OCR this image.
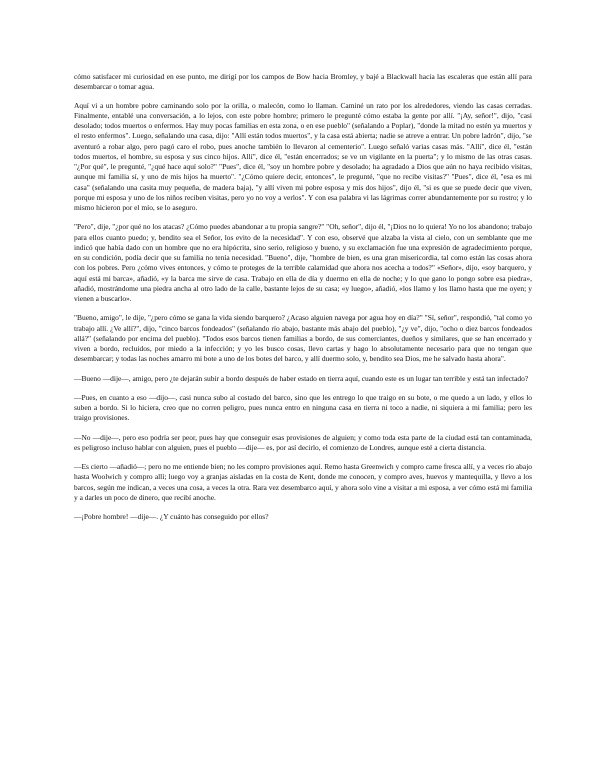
cómo satisfacer mi curiosidad en ese punto, me dirigí por los campos de Bow hacia Bromley, y bajé a Blackwall hacia las escaleras que están allí para desembarcar o tomar agua.

Aquí vi a un hombre pobre caminando solo por la orilla, o malecón, como lo llaman. Caminé un rato por los alrededores, viendo las casas cerradas. Finalmente, entablé una conversación, a lo lejos, con este pobre hombre; primero le pregunté cómo estaba la gente por allí. "¡Ay, señor!", dijo, "casi desolado; todos muertos o enfermos. Hay muy pocas familias en esta zona, o en ese pueblo" (señalando a Poplar), "donde la mitad no estén ya muertos y el resto enfermos". Luego, señalando una casa, dijo: "Allí están todos muertos", y la casa está abierta; nadie se atreve a entrar. Un pobre ladrón", dijo, "se aventuró a robar algo, pero pagó caro el robo, pues anoche también lo llevaron al cementerio". Luego señaló varias casas más. "Allí", dice él, "están todos muertos, el hombre, su esposa y sus cinco hijos. Allí", dice él, "están encerrados; se ve un vigilante en la puerta"; y lo mismo de las otras casas. "¿Por qué", le pregunté, "¿qué hace aquí solo?" "Pues", dice él, "soy un hombre pobre y desolado; ha agradado a Dios que aún no haya recibido visitas, aunque mi familia sí, y uno de mis hijos ha muerto". "¿Cómo quiere decir, entonces", le pregunté, "que no recibe visitas?" "Pues", dice él, "esa es mi casa" (señalando una casita muy pequeña, de madera baja), "y allí viven mi pobre esposa y mis dos hijos", dijo él, "si es que se puede decir que viven, porque mi esposa y uno de los niños reciben visitas, pero yo no voy a verlos". Y con esa palabra vi las lágrimas correr abundantemente por su rostro; y lo mismo hicieron por el mío, se lo aseguro.

"Pero", dije, "¿por qué no los atacas? ¿Cómo puedes abandonar a tu propia sangre?" "Oh, señor", dijo él, "¡Dios no lo quiera! Yo no los abandono; trabajo para ellos cuanto puedo; y, bendito sea el Señor, los evito de la necesidad". Y con eso, observé que alzaba la vista al cielo, con un semblante que me indicó que había dado con un hombre que no era hipócrita, sino serio, religioso y bueno, y su exclamación fue una expresión de agradecimiento porque, en su condición, podía decir que su familia no tenía necesidad. "Bueno", dije, "hombre de bien, es una gran misericordia, tal como están las cosas ahora con los pobres. Pero ¿cómo vives entonces, y cómo te proteges de la terrible calamidad que ahora nos acecha a todos?" «Señor», dijo, «soy barquero, y aquí está mi barca», añadió, «y la barca me sirve de casa. Trabajo en ella de día y duermo en ella de noche; y lo que gano lo pongo sobre esa piedra», añadió, mostrándome una piedra ancha al otro lado de la calle, bastante lejos de su casa; «y luego», añadió, «los llamo y los llamo hasta que me oyen; y vienen a buscarlo».

"Bueno, amigo", le dije, "¿pero cómo se gana la vida siendo barquero? ¿Acaso alguien navega por agua hoy en día?" "Sí, señor", respondió, "tal como yo trabajo allí. ¿Ve allí?", dijo, "cinco barcos fondeados" (señalando río abajo, bastante más abajo del pueblo), "¿y ve", dijo, "ocho o diez barcos fondeados allá?" (señalando por encima del pueblo). "Todos esos barcos tienen familias a bordo, de sus comerciantes, dueños y similares, que se han encerrado y viven a bordo, recluidos, por miedo a la infección; y yo les busco cosas, llevo cartas y hago lo absolutamente necesario para que no tengan que desembarcar; y todas las noches amarro mi bote a uno de los botes del barco, y allí duermo solo, y, bendito sea Dios, me he salvado hasta ahora".

—Bueno —dije—, amigo, pero ¿te dejarán subir a bordo después de haber estado en tierra aquí, cuando este es un lugar tan terrible y está tan infectado?

—Pues, en cuanto a eso —dijo—, casi nunca subo al costado del barco, sino que les entrego lo que traigo en su bote, o me quedo a un lado, y ellos lo suben a bordo. Si lo hiciera, creo que no corren peligro, pues nunca entro en ninguna casa en tierra ni toco a nadie, ni siquiera a mi familia; pero les traigo provisiones.

—No —dije—, pero eso podría ser peor, pues hay que conseguir esas provisiones de alguien; y como toda esta parte de la ciudad está tan contaminada, es peligroso incluso hablar con alguien, pues el pueblo —dije— es, por así decirlo, el comienzo de Londres, aunque esté a cierta distancia.

—Es cierto —añadió—; pero no me entiende bien; no les compro provisiones aquí. Remo hasta Greenwich y compro carne fresca allí, y a veces río abajo hasta Woolwich y compro allí; luego voy a granjas aisladas en la costa de Kent, donde me conocen, y compro aves, huevos y mantequilla, y llevo a los barcos, según me indican, a veces una cosa, a veces la otra. Rara vez desembarco aquí, y ahora solo vine a visitar a mi esposa, a ver cómo está mi familia y a darles un poco de dinero, que recibí anoche.

—¡Pobre hombre! —dije—. ¿Y cuánto has conseguido por ellos?
